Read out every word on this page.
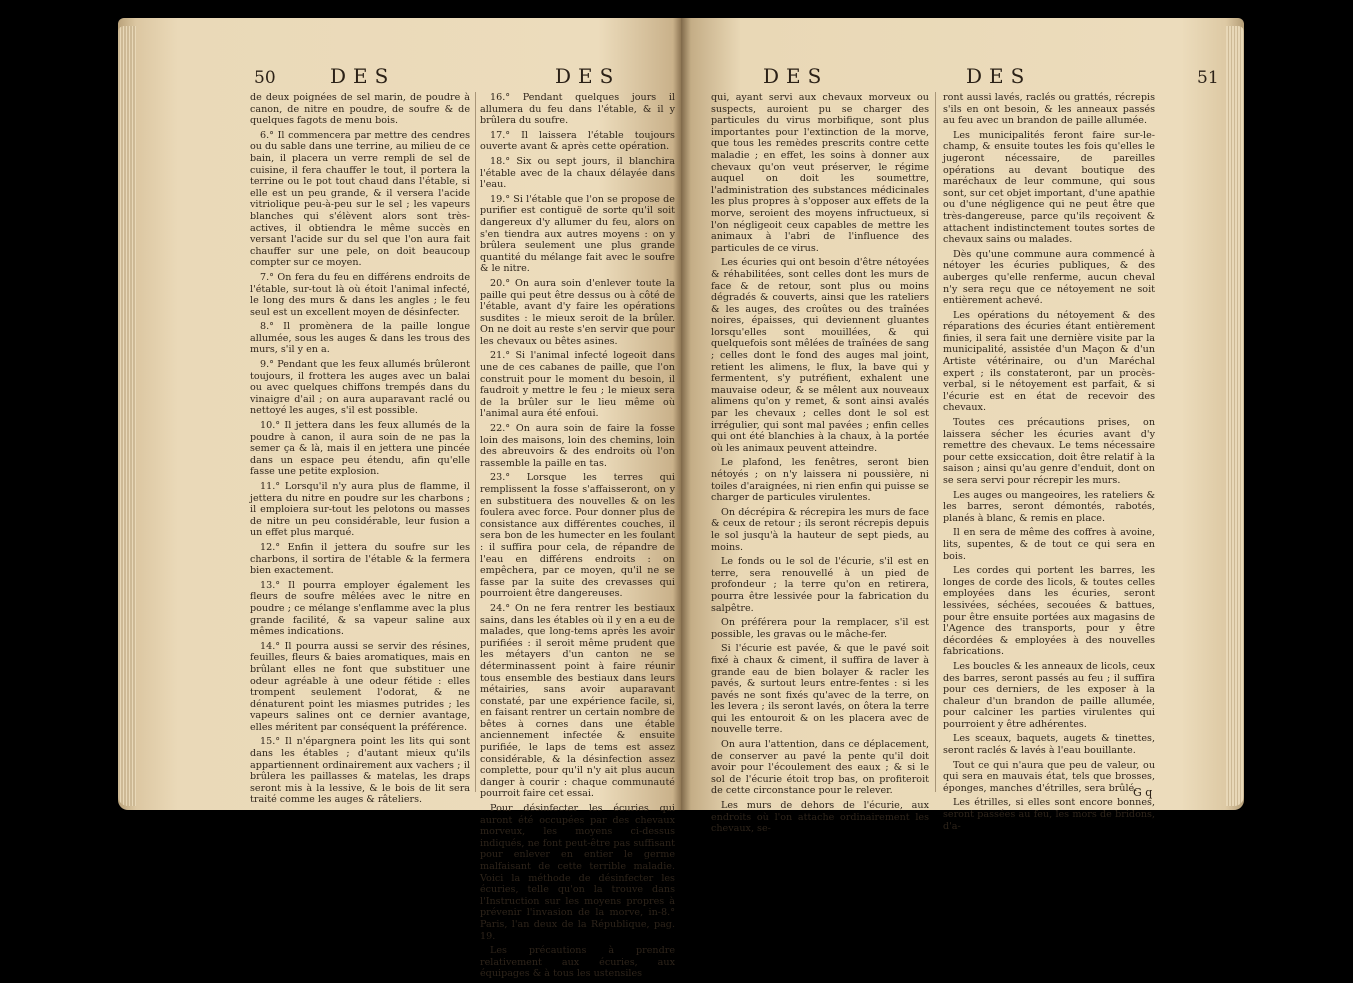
50	DES	DES

de deux poignées de sel marin, de poudre à canon, de nitre en poudre, de soufre & de quelques fagots de menu bois.

6.° Il commencera par mettre des cendres ou du sable dans une terrine, au milieu de ce bain, il placera un verre rempli de sel de cuisine, il fera chauffer le tout, il portera la terrine ou le pot tout chaud dans l'étable, si elle est un peu grande, & il versera l'acide vitriolique peu-à-peu sur le sel ; les vapeurs blanches qui s'élèvent alors sont très-actives, il obtiendra le même succès en versant l'acide sur du sel que l'on aura fait chauffer sur une pele, on doit beaucoup compter sur ce moyen.

7.° On fera du feu en différens endroits de l'étable, sur-tout là où étoit l'animal infecté, le long des murs & dans les angles ; le feu seul est un excellent moyen de désinfecter.

8.° Il promènera de la paille longue allumée, sous les auges & dans les trous des murs, s'il y en a.

9.° Pendant que les feux allumés brûleront toujours, il frottera les auges avec un balai ou avec quelques chiffons trempés dans du vinaigre d'ail ; on aura auparavant raclé ou nettoyé les auges, s'il est possible.

10.° Il jettera dans les feux allumés de la poudre à canon, il aura soin de ne pas la semer ça & là, mais il en jettera une pincée dans un espace peu étendu, afin qu'elle fasse une petite explosion.

11.° Lorsqu'il n'y aura plus de flamme, il jettera du nitre en poudre sur les charbons ; il emploiera sur-tout les pelotons ou masses de nitre un peu considérable, leur fusion a un effet plus marqué.

12.° Enfin il jettera du soufre sur les charbons, il sortira de l'étable & la fermera bien exactement.

13.° Il pourra employer également les fleurs de soufre mêlées avec le nitre en poudre ; ce mélange s'enflamme avec la plus grande facilité, & sa vapeur saline aux mêmes indications.

14.° Il pourra aussi se servir des résines, feuilles, fleurs & baies aromatiques, mais en brûlant elles ne font que substituer une odeur agréable à une odeur fétide : elles trompent seulement l'odorat, & ne dénaturent point les miasmes putrides ; les vapeurs salines ont ce dernier avantage, elles méritent par conséquent la préférence.

15.° Il n'épargnera point les lits qui sont dans les étables ; d'autant mieux qu'ils appartiennent ordinairement aux vachers ; il brûlera les paillasses & matelas, les draps seront mis à la lessive, & le bois de lit sera traité comme les auges & râteliers.

16.° Pendant quelques jours il allumera du feu dans l'étable, & il y brûlera du soufre.

17.° Il laissera l'étable toujours ouverte avant & après cette opération.

18.° Six ou sept jours, il blanchira l'étable avec de la chaux délayée dans l'eau.

19.° Si l'étable que l'on se propose de purifier est contiguë de sorte qu'il soit dangereux d'y allumer du feu, alors on s'en tiendra aux autres moyens : on y brûlera seulement une plus grande quantité du mélange fait avec le soufre & le nitre.

20.° On aura soin d'enlever toute la paille qui peut être dessus ou à côté de l'étable, avant d'y faire les opérations susdites : le mieux seroit de la brûler. On ne doit au reste s'en servir que pour les chevaux ou bêtes asines.

21.° Si l'animal infecté logeoit dans une de ces cabanes de paille, que l'on construit pour le moment du besoin, il faudroit y mettre le feu ; le mieux sera de la brûler sur le lieu même où l'animal aura été enfoui.

22.° On aura soin de faire la fosse loin des maisons, loin des chemins, loin des abreuvoirs & des endroits où l'on rassemble la paille en tas.

23.° Lorsque les terres qui remplissent la fosse s'affaisseront, on y en substituera des nouvelles & on les foulera avec force. Pour donner plus de consistance aux différentes couches, il sera bon de les humecter en les foulant : il suffira pour cela, de répandre de l'eau en différens endroits : on empêchera, par ce moyen, qu'il ne se fasse par la suite des crevasses qui pourroient être dangereuses.

24.° On ne fera rentrer les bestiaux sains, dans les étables où il y en a eu de malades, que long-tems après les avoir purifiées : il seroit même prudent que les métayers d'un canton ne se déterminassent point à faire réunir tous ensemble des bestiaux dans leurs métairies, sans avoir auparavant constaté, par une expérience facile, si, en faisant rentrer un certain nombre de bêtes à cornes dans une étable anciennement infectée & ensuite purifiée, le laps de tems est assez considérable, & la désinfection assez complette, pour qu'il n'y ait plus aucun danger à courir : chaque communauté pourroit faire cet essai.

Pour désinfecter les écuries qui auront été occupées par des chevaux morveux, les moyens ci-dessus indiqués, ne font peut-être pas suffisant pour enlever en entier le germe malfaisant de cette terrible maladie. Voici la méthode de désinfecter les écuries, telle qu'on la trouve dans l'Instruction sur les moyens propres à prévenir l'invasion de la morve, in-8.° Paris, l'an deux de la République, pag. 19.

Les précautions à prendre relativement aux écuries, aux équipages & à tous les ustensiles

DES	DES	51

qui, ayant servi aux chevaux morveux ou suspects, auroient pu se charger des particules du virus morbifique, sont plus importantes pour l'extinction de la morve, que tous les remèdes prescrits contre cette maladie ; en effet, les soins à donner aux chevaux qu'on veut préserver, le régime auquel on doit les soumettre, l'administration des substances médicinales les plus propres à s'opposer aux effets de la morve, seroient des moyens infructueux, si l'on négligeoit ceux capables de mettre les animaux à l'abri de l'influence des particules de ce virus.

Les écuries qui ont besoin d'être nétoyées & réhabilitées, sont celles dont les murs de face & de retour, sont plus ou moins dégradés & couverts, ainsi que les rateliers & les auges, des croûtes ou des traînées noires, épaisses, qui deviennent gluantes lorsqu'elles sont mouillées, & qui quelquefois sont mêlées de traînées de sang ; celles dont le fond des auges mal joint, retient les alimens, le flux, la bave qui y fermentent, s'y putréfient, exhalent une mauvaise odeur, & se mêlent aux nouveaux alimens qu'on y remet, & sont ainsi avalés par les chevaux ; celles dont le sol est irrégulier, qui sont mal pavées ; enfin celles qui ont été blanchies à la chaux, à la portée où les animaux peuvent atteindre.

Le plafond, les fenêtres, seront bien nétoyés ; on n'y laissera ni poussière, ni toiles d'araignées, ni rien enfin qui puisse se charger de particules virulentes.

On décrépira & récrepira les murs de face & ceux de retour ; ils seront récrepis depuis le sol jusqu'à la hauteur de sept pieds, au moins.

Le fonds ou le sol de l'écurie, s'il est en terre, sera renouvellé à un pied de profondeur ; la terre qu'on en retirera, pourra être lessivée pour la fabrication du salpêtre.

On préférera pour la remplacer, s'il est possible, les gravas ou le mâche-fer.

Si l'écurie est pavée, & que le pavé soit fixé à chaux & ciment, il suffira de laver à grande eau de bien bolayer & racler les pavés, & surtout leurs entre-fentes : si les pavés ne sont fixés qu'avec de la terre, on les levera ; ils seront lavés, on ôtera la terre qui les entouroit & on les placera avec de nouvelle terre.

On aura l'attention, dans ce déplacement, de conserver au pavé la pente qu'il doit avoir pour l'écoulement des eaux ; & si le sol de l'écurie étoit trop bas, on profiteroit de cette circonstance pour le relever.

Les murs de dehors de l'écurie, aux endroits où l'on attache ordinairement les chevaux, se-

ront aussi lavés, raclés ou grattés, récrepis s'ils en ont besoin, & les anneaux passés au feu avec un brandon de paille allumée.

Les municipalités feront faire sur-le-champ, & ensuite toutes les fois qu'elles le jugeront nécessaire, de pareilles opérations au devant boutique des maréchaux de leur commune, qui sous sont, sur cet objet important, d'une apathie ou d'une négligence qui ne peut être que très-dangereuse, parce qu'ils reçoivent & attachent indistinctement toutes sortes de chevaux sains ou malades.

Dès qu'une commune aura commencé à nétoyer les écuries publiques, & des auberges qu'elle renferme, aucun cheval n'y sera reçu que ce nétoyement ne soit entièrement achevé.

Les opérations du nétoyement & des réparations des écuries étant entièrement finies, il sera fait une dernière visite par la municipalité, assistée d'un Maçon & d'un Artiste vétérinaire, ou d'un Maréchal expert ; ils constateront, par un procès-verbal, si le nétoyement est parfait, & si l'écurie est en état de recevoir des chevaux.

Toutes ces précautions prises, on laissera sécher les écuries avant d'y remettre des chevaux. Le tems nécessaire pour cette exsiccation, doit être relatif à la saison ; ainsi qu'au genre d'enduit, dont on se sera servi pour récrepir les murs.

Les auges ou mangeoires, les rateliers & les barres, seront démontés, rabotés, planés à blanc, & remis en place.

Il en sera de même des coffres à avoine, lits, supentes, & de tout ce qui sera en bois.

Les cordes qui portent les barres, les longes de corde des licols, & toutes celles employées dans les écuries, seront lessivées, séchées, secouées & battues, pour être ensuite portées aux magasins de l'Agence des transports, pour y être décordées & employées à des nouvelles fabrications.

Les boucles & les anneaux de licols, ceux des barres, seront passés au feu ; il suffira pour ces derniers, de les exposer à la chaleur d'un brandon de paille allumée, pour calciner les parties virulentes qui pourroient y être adhérentes.

Les sceaux, baquets, augets & tinettes, seront raclés & lavés à l'eau bouillante.

Tout ce qui n'aura que peu de valeur, ou qui sera en mauvais état, tels que brosses, éponges, manches d'étrilles, sera brûlé.

Les étrilles, si elles sont encore bonnes, seront passées au feu, les mors de bridons, d'a-

G q
